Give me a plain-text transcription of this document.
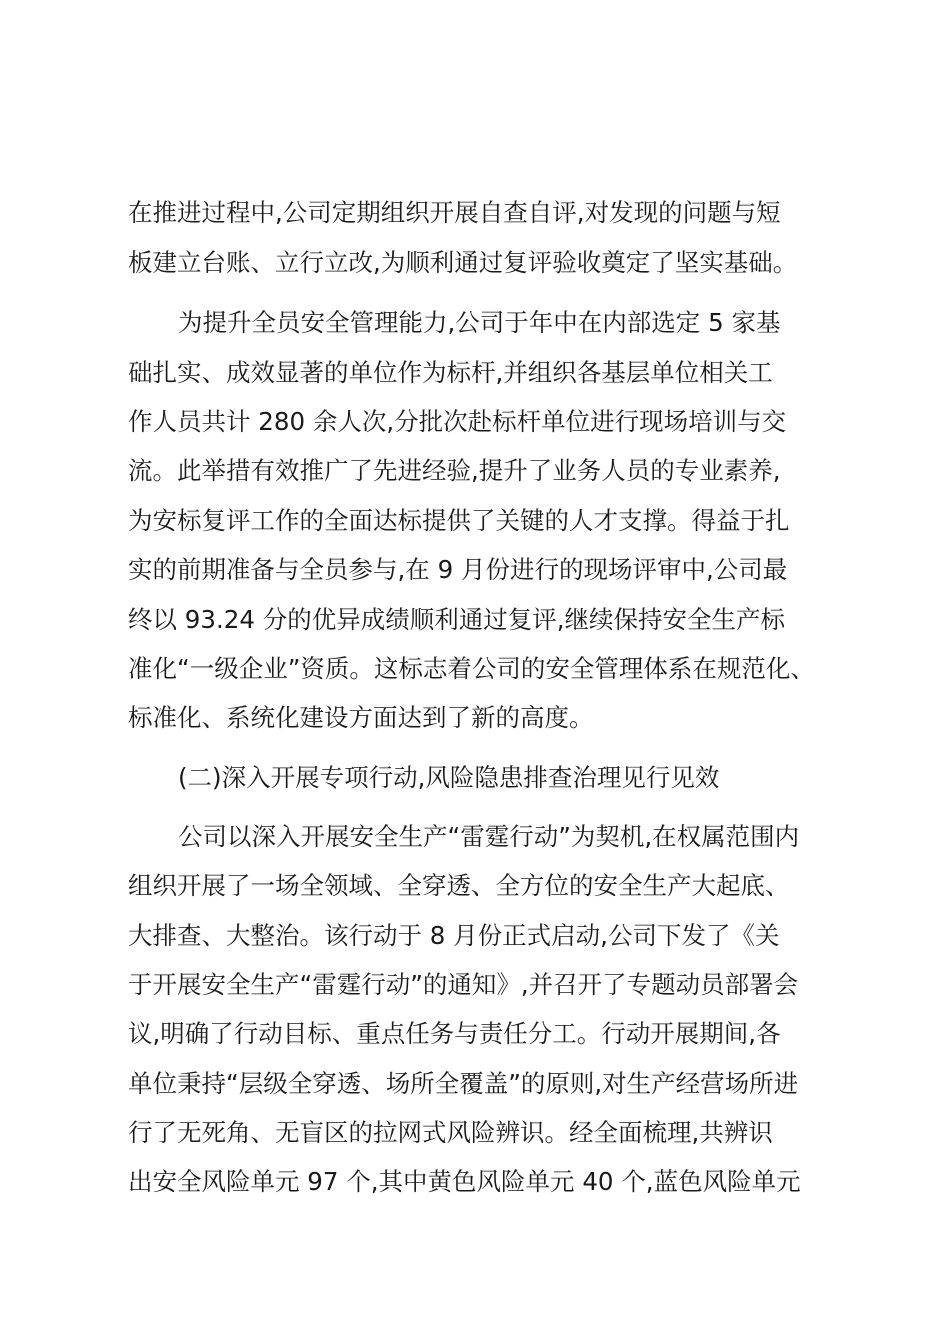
在推进过程中,公司定期组织开展自查自评,对发现的问题与短

板建立台账、立行立改,为顺利通过复评验收奠定了坚实基础。

为提升全员安全管理能力,公司于年中在内部选定 5 家基

础扎实、成效显著的单位作为标杆,并组织各基层单位相关工

作人员共计 280 余人次,分批次赴标杆单位进行现场培训与交

流。此举措有效推广了先进经验,提升了业务人员的专业素养,

为安标复评工作的全面达标提供了关键的人才支撑。得益于扎

实的前期准备与全员参与,在 9 月份进行的现场评审中,公司最

终以 93.24 分的优异成绩顺利通过复评,继续保持安全生产标

准化“一级企业”资质。这标志着公司的安全管理体系在规范化、

标准化、系统化建设方面达到了新的高度。

(二)深入开展专项行动,风险隐患排查治理见行见效

公司以深入开展安全生产“雷霆行动”为契机,在权属范围内

组织开展了一场全领域、全穿透、全方位的安全生产大起底、

大排查、大整治。该行动于 8 月份正式启动,公司下发了《关

于开展安全生产“雷霆行动”的通知》,并召开了专题动员部署会

议,明确了行动目标、重点任务与责任分工。行动开展期间,各

单位秉持“层级全穿透、场所全覆盖”的原则,对生产经营场所进

行了无死角、无盲区的拉网式风险辨识。经全面梳理,共辨识

出安全风险单元 97 个,其中黄色风险单元 40 个,蓝色风险单元
